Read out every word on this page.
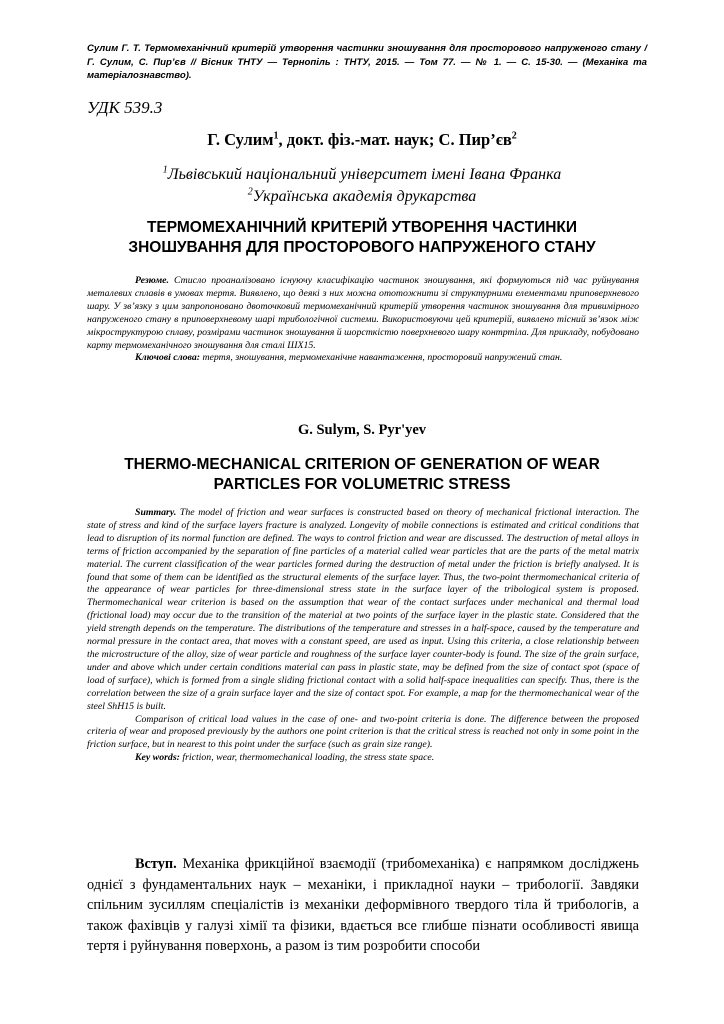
Сулим Г. Т. Термомеханічний критерій утворення частинки зношування для просторового напруженого стану / Г. Сулим, С. Пир’єв // Вісник ТНТУ — Тернопіль : ТНТУ, 2015. — Том 77. — № 1. — С. 15-30. — (Механіка та матеріалознавство).
УДК 539.3
Г. Сулим$^1$, докт. фіз.-мат. наук; С. $Пир’єв^2$
$^1$Львівський національний університет імені Івана Франка
$^2$Українська академія друкарства
ТЕРМОМЕХАНІЧНИЙ КРИТЕРІЙ УТВОРЕННЯ ЧАСТИНКИ
ЗНОШУВАННЯ ДЛЯ ПРОСТОРОВОГО НАПРУЖЕНОГО СТАНУ

Резюме. Стисло проаналізовано існуючу класифікацію частинок зношування, які формуються під час руйнування металевих сплавів в умовах тертя. Виявлено, що деякі з них можна ототожнити зі структурними елементами приповерхневого шару. У зв’язку з цим запропоновано двоточковий термомеханічний критерій утворення частинок зношування для тривимірного напруженого стану в приповерхневому шарі трибологічної системи. Використовуючи цей критерій, виявлено тісний зв’язок між мікроструктурою сплаву, розмірами частинок зношування й шорсткістю поверхневого шару контртіла. Для прикладу, побудовано карту термомеханічного зношування для сталі ШХ15.

Ключові слова: тертя, зношування, термомеханічне навантаження, просторовий напружений стан.

G. Sulym, S. Pyr'yev
THERMO-MECHANICAL CRITERION OF GENERATION OF WEAR
PARTICLES FOR VOLUMETRIC STRESS

Summary. The model of friction and wear surfaces is constructed based on theory of mechanical frictional interaction. The state of stress and kind of the surface layers fracture is analyzed. Longevity of mobile connections is estimated and critical conditions that lead to disruption of its normal function are defined. The ways to control friction and wear are discussed. The destruction of metal alloys in terms of friction accompanied by the separation of fine particles of a material called wear particles that are the parts of the metal matrix material. The current classification of the wear particles formed during the destruction of metal under the friction is briefly analysed. It is found that some of them can be identified as the structural elements of the surface layer. Thus, the two-point thermomechanical criteria of the appearance of wear particles for three-dimensional stress state in the surface layer of the tribological system is proposed. Thermomechanical wear criterion is based on the assumption that wear of the contact surfaces under mechanical and thermal load (frictional load) may occur due to the transition of the material at two points of the surface layer in the plastic state. Considered that the yield strength depends on the temperature. The distributions of the temperature and stresses in a half-space, caused by the temperature and normal pressure in the contact area, that moves with a constant speed, are used as input. Using this criteria, a close relationship between the microstructure of the alloy, size of wear particle and roughness of the surface layer counter-body is found. The size of the grain surface, under and above which under certain conditions material can pass in plastic state, may be defined from the size of contact spot (space of load of surface), which is formed from a single sliding frictional contact with a solid half-space inequalities can specify. Thus, there is the correlation between the size of a grain surface layer and the size of contact spot. For example, a map for the thermomechanical wear of the steel ShH15 is built.

Comparison of critical load values in the case of one- and two-point criteria is done. The difference between the proposed criteria of wear and proposed previously by the authors one point criterion is that the critical stress is reached not only in some point in the friction surface, but in nearest to this point under the surface (such as grain size range).

Key words: friction, wear, thermomechanical loading, the stress state space.

Вступ. Механіка фрикційної взаємодії (трибомеханіка) є напрямком досліджень однієї з фундаментальних наук – механіки, і прикладної науки – трибології. Завдяки спільним зусиллям спеціалістів із механіки деформівного твердого тіла й трибологів, а також фахівців у галузі хімії та фізики, вдається все глибше пізнати особливості явища тертя і руйнування поверхонь, а разом із тим розробити способи
